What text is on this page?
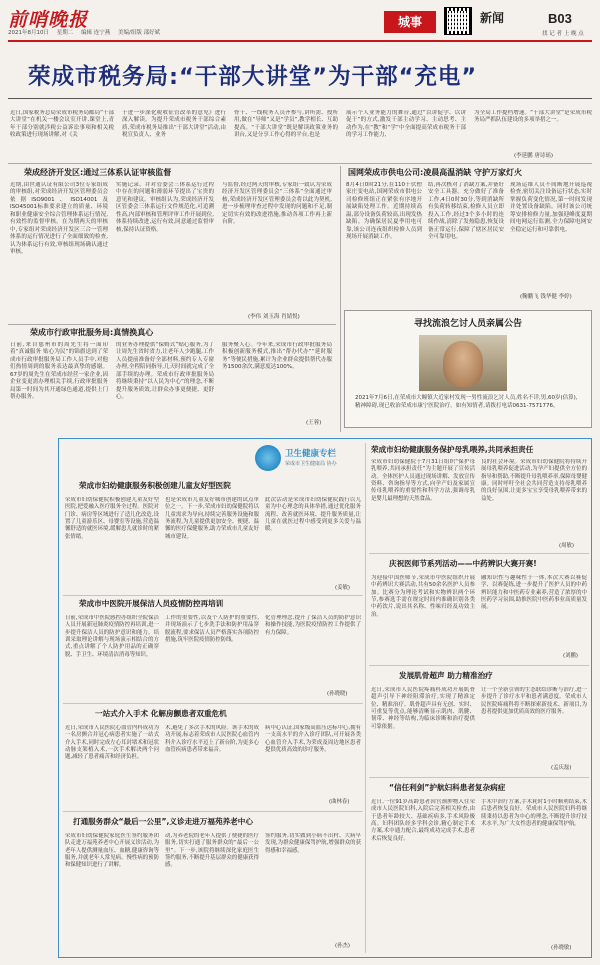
前哨晚报
2021年8月10日 星期二 编辑 连宁燕 美编/组版 邵好斌
城事	新闻	B03
找 记 者 上 晚 点
荣成市税务局:“干部大讲堂”为干部“充电”
近日,国家税务总局荣成市税务局邮局“干部大讲堂”在机关一楼会议室开讲,课堂上,青年干部分别就涉税公益诉讼事项和相关税收政策进行现场讲解,对《关
于进一步深化税收征管改革的意见》进行深入解读。为提升荣成市税务干部综合素质,荣成市税务局推出“干部大讲堂”活动,由税宣负责人、业务
骨干、一线税务人员齐参与,讲所需、授所用,做在“导师”又是“学员”,教学相长、互助提高。“干部大讲堂”既是解读政策业务的讲台,又是分享工作心得的平台,也是
展示个人业务能力的舞台,通过“以讲促学、以讲促干”的方式,激发干部主动学习、主动思考、主动作为,在“教”和“学”中全面提高荣成市税务干部的学习工作能力,
为全局工作提档增速。“干部大讲堂”是荣成市税务局严抓队伍建设的多项举措之一。
(李延鹏 唐诗瑶)
荣成经济开发区:通过三体系认证审核监督
近期,由世通认证有限公司3位专家组成的审核组,对荣成经济开发区管理委员会依据ISO9001、ISO14001及ISO45001标准要求建立的质量、环境和职业健康安全综合管理体系运行情况,有效性的监督审核。在为期两天的审核中,专家组对荣成经济开发区三合一管理体系的运行情况进行了全面细致的检查,认为体系运行有效,审核组现场确认通过审核。
实施记录、并对管委会三体系运行过程中存在的问题和薄弱环节提出了宝贵的意见和建议。审核组认为,荣成经济开发区管委会三体系运行文件规范化,可追溯性高,内部审核和管理评审工作开展到位,体系持续改进,运行有效,同意通过监督审核,保持认证资格。
与监督,经过两天的审核,专家组一致认为荣成经济开发区管理委员会“三体系”全面通过审核,荣成经济开发区管理委员会将以此为契机,进一步梳理审查过程中发现的问题和不足,制定切实有效的改进措施,推动各项工作再上新台阶。
(李伟 刘玉海 肖婧悦)
荣成市行政审批服务局:真情换真心
日前,来自慈州市的周先生将一面印着“真诚服务 贴心为民”的锦旗送到了荣成市行政审批服务局工作人员手中,对他们热情周到的服务表达最真挚的感谢。67岁的周先生在荣成市经营一家企业,因企业变更需办理相关手续,行政审批服务局第一时间为其开通绿色通道,提供上门帮办服务。
的业务办理提供“保姆式”贴心服务,为了让周先生省时省力,让老年人少跑腿,工作人员提前准备好全部材料,预约专人专窗办理,全程陪同指导,几天时间就完成了全部手续的办理。荣成市行政审批服务局将继续秉持“以人民为中心”的理念,不断提升服务质效,让群众办事更便捷、更舒心。
服务聚人心。今年来,荣成市行政审批服务局积极创新服务模式,推出“帮办代办”“延时服务”等便民措施,累计为企业群众提供帮代办服务1500余次,满意度达100%。
(王蓉)
国网荣成市供电公司:凌晨高温消缺 守护万家灯火
8月4日0时21分,在110千伏俚家庄变电站,国网荣成市供电公司检修班组正在紧张有序地开展缺陷处理工作。近期持续高温,部分设备负荷较高,出现发热缺陷。为确保居民夏季用电可靠,该公司连夜组织检修人员到现场开展消缺工作。
结,再次核对了消缺方案,并备好安全工具器。充分做好了准备工作,4日0时30分,等到消缺所有负荷转移结束,检修人员立即投入工作,经过3个多小时的连续作战,清除了发热隐患,恢复设备正常运行,保障了辖区居民安全可靠用电。
现场运维人员不间断地开展巡视检查,密切关注设备运行状态,实时掌握负荷变化情况,第一时间发现并处置设备缺陷。同时该公司统筹安排检修力量,加强迎峰度夏期间电网运行监测,全力保障电网安全稳定运行和可靠供电。
(鞠鹏飞 钱华健 李婷)
寻找流浪乞讨人员亲属公告
2021年7月6日,在荣成市大疃镇大近家村发现一男性流浪乞讨人员,姓名不详,男,60岁(估算),精神障碍,现已收治荣成市康宁医院治疗。如有知情者,请拨打电话0631-7571776。
卫生健康专栏
荣成市卫生健康局 协办
荣成市妇幼健康服务保护母乳喂养,共同承担责任
荣成市妇幼保健院于7月31日组织“保护母乳喂养,共同承担责任”为主题开展了宣传活动。全体医护人员通过现场讲解、发放宣传资料、咨询指导等方式,向孕产妇及家属宣传母乳喂养的重要性和科学方法,强调母乳是婴儿最理想的天然食品。
良的社会环境。荣成市妇幼保健院将持续开展母乳喂养促进活动,为孕产妇提供全方位的指导和帮助,不断提升母乳喂养率,保障母婴健康。同时呼吁全社会共同营造支持母乳喂养的良好氛围,让更多宝宝享受母乳喂养带来的益处。
(周敏)
庆祝医师节系列活动——中药辨识大赛开赛!
为迎接中国医师节,荣成市中医院组织开展中药辨识大赛活动,共有50余名医护人员参加。比赛分为理论考试和实物辨识两个环节,参赛选手需在规定时间内准确识别各类中药饮片,说出其名称、性味归经及功效主治。
融知识性与趣味性于一体,本次大赛以赛促学、以赛促练,进一步提升了医护人员的中药辨识能力和中医药专业素养,营造了浓厚的中医药学习氛围,助推医院中医药事业高质量发展。
(刘鹏)
发展肌骨超声 助力精准治疗
近日,荣成市人民医院疼痛科成功开展肌骨超声引导下神经阻滞治疗,实现了精准定位、精准治疗。肌骨超声具有无创、实时、可重复等优点,能够清晰显示肌肉、肌腱、韧带、神经等结构,为临床诊断和治疗提供可靠依据。
让一个全新引领的生态联结诊断与治疗,进一步提升了诊疗水平和患者满意度。荣成市人民医院疼痛科将不断探索新技术、新项目,为患者提供更加优质高效的医疗服务。
(孟庆磊)
“信任利剑”护航妇科患者复杂病症
近日,一位91岁高龄患者因宫颈肿物入住荣成市人民医院妇科,入院后完善相关检查,由于患者年龄较大、基础疾病多,手术风险极高。妇科团队经多学科会诊,精心制定手术方案,术中通力配合,最终成功完成手术,患者术后恢复良好。
手术中治疗方案,手术耗时1小时顺利结束,术后患者恢复良好。荣成市人民医院妇科将继续秉持以患者为中心的理念,不断提升诊疗技术水平,为广大女性患者的健康保驾护航。
(孙晓敏)
荣成市妇幼健康服务积极创建儿童友好型医院
荣成市妇幼保健院积极创建儿童友好型医院,把爱融入医疗服务全过程。医院对门诊、病房等区域进行了适儿化改造,设置了儿童游乐区、母婴室等设施,营造温馨舒适的就医环境,缓解患儿就诊时的紧张情绪。
也是荣成市儿童友好城市创建的试点单位之一。下一步,荣成市妇幼保健院将以儿童需求为导向,持续完善服务设施和服务流程,为儿童提供更加安全、便捷、温馨的医疗保健服务,助力荣成市儿童友好城市建设。
此次活动是荣成市妇幼保健院践行以儿童为中心理念的具体举措,通过优化服务流程、改善就医环境、提升服务质量,让儿童在就医过程中感受到更多关爱与温暖。
(姜敏)
荣成市中医院开展保洁人员疫情防控再培训
日前,荣成市中医院感控办组织全院保洁人员开展新冠肺炎疫情防控再培训,进一步提升保洁人员的防护意识和能力。培训采取理论讲解与现场演示相结合的方式,重点讲解了个人防护用品的正确穿脱、手卫生、环境清洁消毒等知识。
工作的重要性,以及个人防护的重要性,并现场演示了七步洗手法和防护用品穿脱流程,要求保洁人员严格落实各项防控措施,筑牢医院疫情防控防线。
化管理理念,提升了保洁人员的防护意识和操作技能,为医院疫情防控工作提供了有力保障。
(孙晓晓)
一站式介入手术 化解房颤患者双重危机
近日,荣成市人民医院心血管内科成功为一名房颤合并冠心病患者实施了一站式介入手术,同时完成左心耳封堵术和冠状动脉支架植入术,一次手术解决两个问题,减轻了患者痛苦和经济负担。
术,避免了多次手术的风险。该手术的成功开展,标志着荣成市人民医院心血管内科介入诊疗水平迈上了新台阶,为更多心血管疾病患者带来福音。
病中心认证,国家级高血压达标中心,拥有一支高水平的介入诊疗团队,可开展各类心血管介入手术,为荣成及周边地区患者提供优质高效的诊疗服务。
(曲林春)
打通服务群众“最后一公里”,义诊走进万福苑养老中心
荣成市妇幼保健院家庭医生签约服务团队走进万福苑养老中心开展义诊活动,为老年人提供测量血压、血糖,健康咨询等服务,并就老年人常见病、慢性病的预防和保健知识进行了讲解。
动,为养老院的老年人提供了便捷的医疗服务,切实打通了服务群众的“最后一公里”。下一步,该院将继续深化家庭医生签约服务,不断提升基层群众的健康获得感。
签约服务,切实做到小病不出村、大病早发现,为群众健康保驾护航,增强群众的获得感和幸福感。
(孙杰)
